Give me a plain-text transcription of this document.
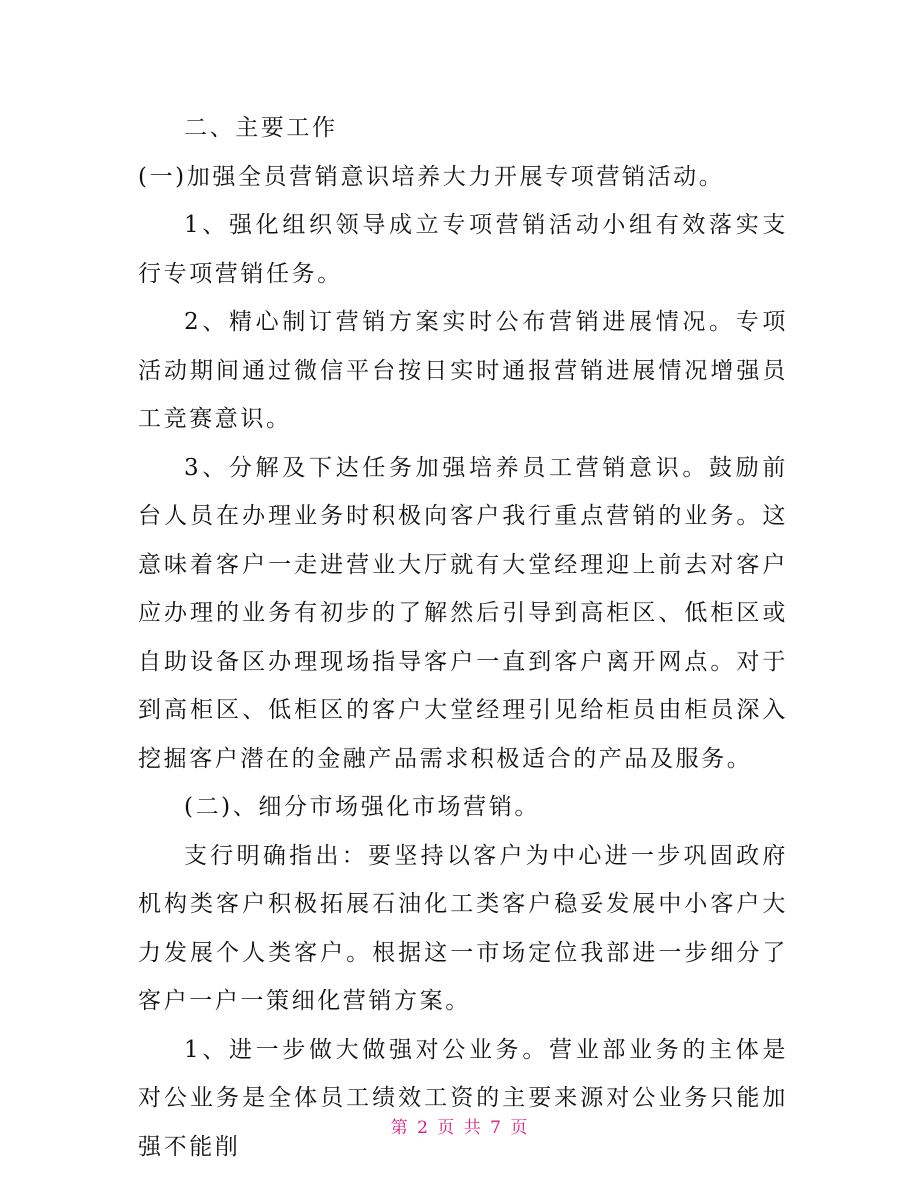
二、主要工作

(一)加强全员营销意识培养大力开展专项营销活动。

1、强化组织领导成立专项营销活动小组有效落实支行专项营销任务。

2、精心制订营销方案实时公布营销进展情况。专项活动期间通过微信平台按日实时通报营销进展情况增强员工竞赛意识。

3、分解及下达任务加强培养员工营销意识。鼓励前台人员在办理业务时积极向客户我行重点营销的业务。这意味着客户一走进营业大厅就有大堂经理迎上前去对客户应办理的业务有初步的了解然后引导到高柜区、低柜区或自助设备区办理现场指导客户一直到客户离开网点。对于到高柜区、低柜区的客户大堂经理引见给柜员由柜员深入挖掘客户潜在的金融产品需求积极适合的产品及服务。

(二)、细分市场强化市场营销。

支行明确指出：要坚持以客户为中心进一步巩固政府机构类客户积极拓展石油化工类客户稳妥发展中小客户大力发展个人类客户。根据这一市场定位我部进一步细分了客户一户一策细化营销方案。

1、进一步做大做强对公业务。营业部业务的主体是对公业务是全体员工绩效工资的主要来源对公业务只能加强不能削

第 2 页 共 7 页
